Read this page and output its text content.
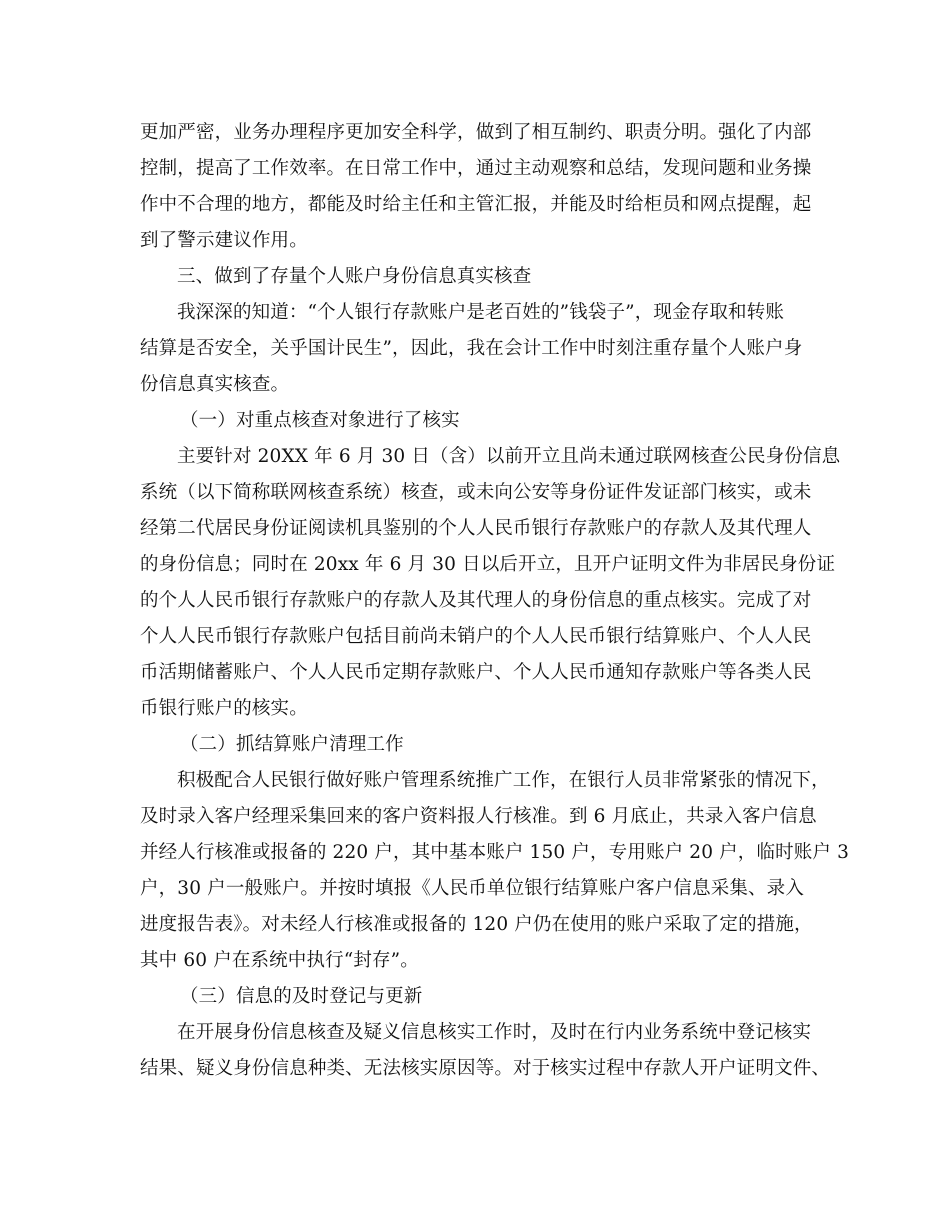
更加严密，业务办理程序更加安全科学，做到了相互制约、职责分明。强化了内部
控制，提高了工作效率。在日常工作中，通过主动观察和总结，发现问题和业务操
作中不合理的地方，都能及时给主任和主管汇报，并能及时给柜员和网点提醒，起
到了警示建议作用。
三、做到了存量个人账户身份信息真实核查
我深深的知道：“个人银行存款账户是老百姓的”钱袋子”，现金存取和转账
结算是否安全，关乎国计民生”，因此，我在会计工作中时刻注重存量个人账户身
份信息真实核查。
（一）对重点核查对象进行了核实
主要针对 20XX 年 6 月 30 日（含）以前开立且尚未通过联网核查公民身份信息
系统（以下简称联网核查系统）核查，或未向公安等身份证件发证部门核实，或未
经第二代居民身份证阅读机具鉴别的个人人民币银行存款账户的存款人及其代理人
的身份信息；同时在 20xx 年 6 月 30 日以后开立，且开户证明文件为非居民身份证
的个人人民币银行存款账户的存款人及其代理人的身份信息的重点核实。完成了对
个人人民币银行存款账户包括目前尚未销户的个人人民币银行结算账户、个人人民
币活期储蓄账户、个人人民币定期存款账户、个人人民币通知存款账户等各类人民
币银行账户的核实。
（二）抓结算账户清理工作
积极配合人民银行做好账户管理系统推广工作，在银行人员非常紧张的情况下，
及时录入客户经理采集回来的客户资料报人行核准。到 6 月底止，共录入客户信息
并经人行核准或报备的 220 户，其中基本账户 150 户，专用账户 20 户，临时账户 3
户，30 户一般账户。并按时填报《人民币单位银行结算账户客户信息采集、录入
进度报告表》。对未经人行核准或报备的 120 户仍在使用的账户采取了定的措施，
其中 60 户在系统中执行“封存”。
（三）信息的及时登记与更新
在开展身份信息核查及疑义信息核实工作时，及时在行内业务系统中登记核实
结果、疑义身份信息种类、无法核实原因等。对于核实过程中存款人开户证明文件、
